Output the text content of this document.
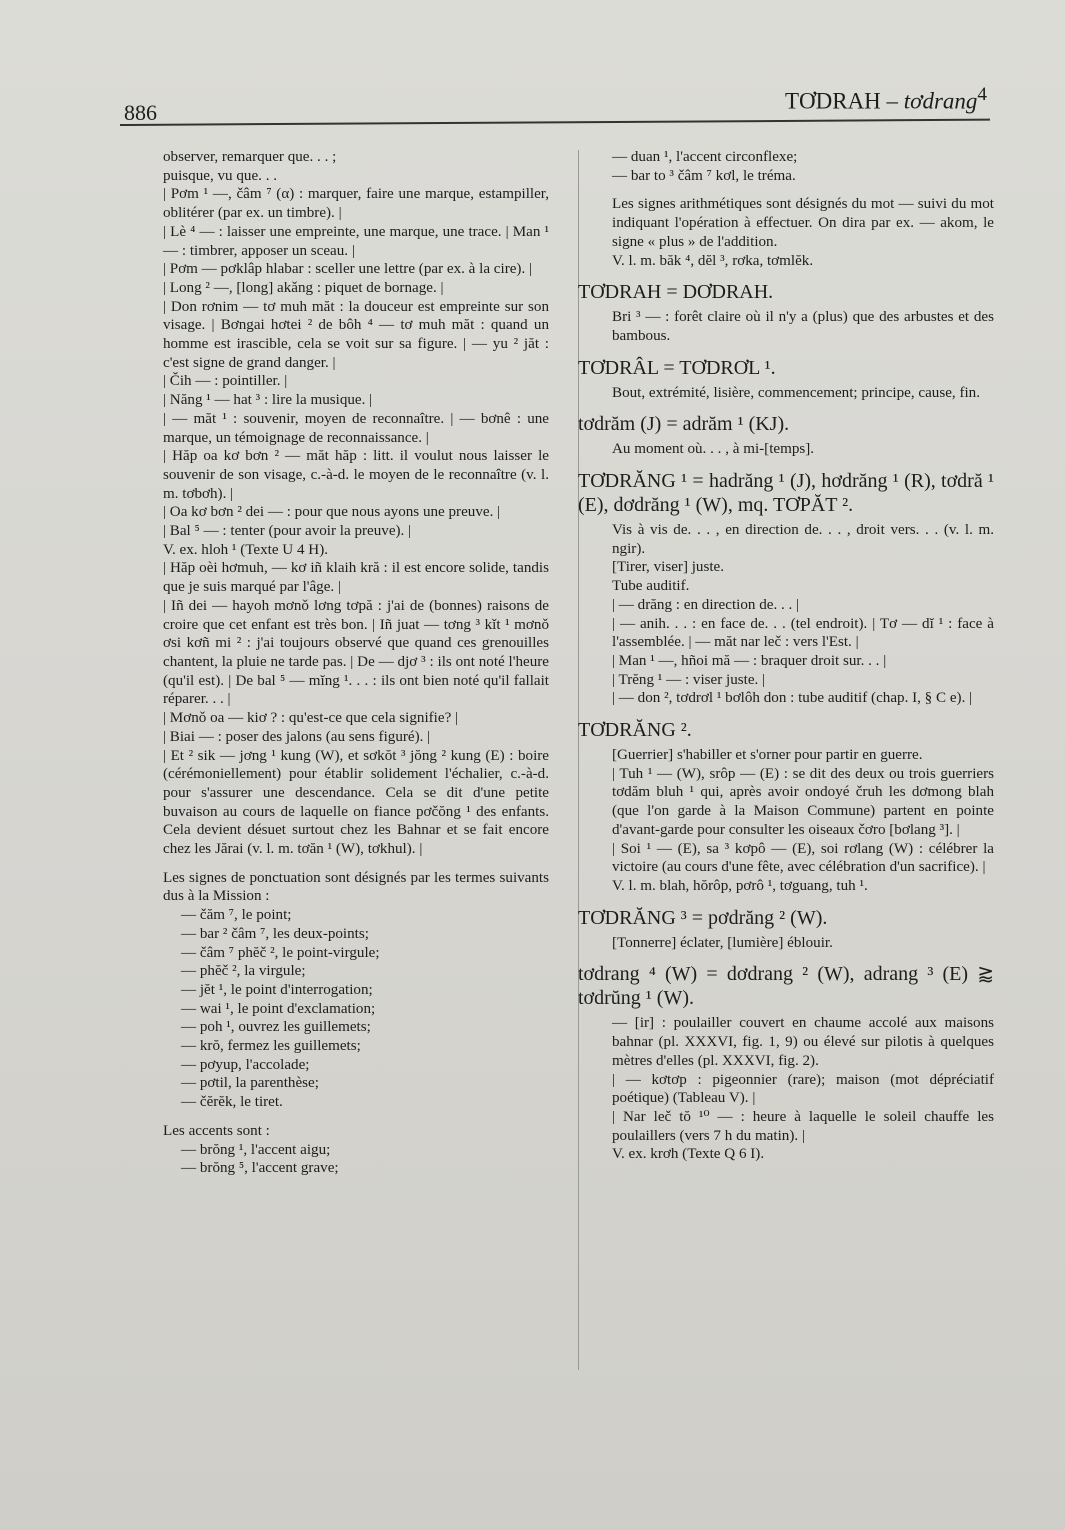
886	TƠDRAH – tơdrang$^4$

observer, remarquer que. . . ;

puisque, vu que. . .

| Pơm ¹ —, čâm ⁷ (α) : marquer, faire une marque, estampiller, oblitérer (par ex. un timbre). |

| Lè ⁴ — : laisser une empreinte, une marque, une trace. | Man ¹ — : timbrer, apposer un sceau. |

| Pơm — pơklâp hlabar : sceller une lettre (par ex. à la cire). |

| Long ² —, [long] akǎng : piquet de bornage. |

| Don rơnim — tơ muh măt : la douceur est empreinte sur son visage. | Bơngai hơtei ² de bôh ⁴ — tơ muh măt : quand un homme est irascible, cela se voit sur sa figure. | — yu ² jăt : c'est signe de grand danger. |

| Čih — : pointiller. |

| Năng ¹ — hat ³ : lire la musique. |

| — măt ¹ : souvenir, moyen de reconnaître. | — bơnê : une marque, un témoignage de reconnaissance. |

| Hăp oa kơ bơn ² — măt hăp : litt. il voulut nous laisser le souvenir de son visage, c.-à-d. le moyen de le reconnaître (v. l. m. tơbơh). |

| Oa kơ bơn ² dei — : pour que nous ayons une preuve. |

| Bal ⁵ — : tenter (pour avoir la preuve). |

V. ex. hloh ¹ (Texte U 4 H).

| Hăp oèi hơmuh, — kơ iñ klaih kră : il est encore solide, tandis que je suis marqué par l'âge. |

| Iñ dei — hayoh mơnǒ lơng tơpă : j'ai de (bonnes) raisons de croire que cet enfant est très bon. | Iñ juat — tơng ³ kǐt ¹ mơnǒ ơsi kơñ mi ² : j'ai toujours observé que quand ces grenouilles chantent, la pluie ne tarde pas. | De — djơ ³ : ils ont noté l'heure (qu'il est). | De bal ⁵ — mĭng ¹. . . : ils ont bien noté qu'il fallait réparer. . . |

| Mơnǒ oa — kiơ ? : qu'est-ce que cela signifie? |

| Biai — : poser des jalons (au sens figuré). |

| Et ² sik — jơng ¹ kung (W), et sơkŏt ³ jŏng ² kung (E) : boire (cérémoniellement) pour établir solidement l'échalier, c.-à-d. pour s'assurer une descendance. Cela se dit d'une petite buvaison au cours de laquelle on fiance pơčŏng ¹ des enfants. Cela devient désuet surtout chez les Bahnar et se fait encore chez les Jărai (v. l. m. tơăn ¹ (W), tơkhul). |

Les signes de ponctuation sont désignés par les termes suivants dus à la Mission :

— čăm ⁷, le point;

— bar ² čâm ⁷, les deux-points;

— čâm ⁷ phĕč ², le point-virgule;

— phĕč ², la virgule;

— jĕt ¹, le point d'interrogation;

— wai ¹, le point d'exclamation;

— poh ¹, ouvrez les guillemets;

— krŏ, fermez les guillemets;

— pơyup, l'accolade;

— pơtil, la parenthèse;

— čĕrĕk, le tiret.

Les accents sont :

— brŏng ¹, l'accent aigu;

— brŏng ⁵, l'accent grave;

— duan ¹, l'accent circonflexe;

— bar to ³ čâm ⁷ kơl, le tréma.

Les signes arithmétiques sont désignés du mot — suivi du mot indiquant l'opération à effectuer. On dira par ex. — akom, le signe « plus » de l'addition.

V. l. m. băk ⁴, dĕl ³, rơka, tơmlĕk.

TƠDRAH = DƠDRAH.

Bri ³ — : forêt claire où il n'y a (plus) que des arbustes et des bambous.

TƠDRÂL = TƠDRƠL ¹.

Bout, extrémité, lisière, commencement; principe, cause, fin.

tơdrăm (J) = adrăm ¹ (KJ).

Au moment où. . . , à mi-[temps].

TƠDRĂNG ¹ = hadrăng ¹ (J), hơdrăng ¹ (R), tơdră ¹ (E), dơdrăng ¹ (W), mq. TƠPĂT ².

Vis à vis de. . . , en direction de. . . , droit vers. . . (v. l. m. ngir).

[Tirer, viser] juste.

Tube auditif.

| — drăng : en direction de. . . |

| — anih. . . : en face de. . . (tel endroit). | Tơ — dĭ ¹ : face à l'assemblée. | — măt nar leč : vers l'Est. |

| Man ¹ —, hñoi mă — : braquer droit sur. . . |

| Trĕng ¹ — : viser juste. |

| — don ², tơdrơl ¹ bơlôh don : tube auditif (chap. I, § C e). |

TƠDRĂNG ².

[Guerrier] s'habiller et s'orner pour partir en guerre.

| Tuh ¹ — (W), srôp — (E) : se dit des deux ou trois guerriers tơdăm bluh ¹ qui, après avoir ondoyé čruh les dơmong blah (que l'on garde à la Maison Commune) partent en pointe d'avant-garde pour consulter les oiseaux čơro [bơlang ³]. |

| Soi ¹ — (E), sa ³ kơpô — (E), soi rơlang (W) : célébrer la victoire (au cours d'une fête, avec célébration d'un sacrifice). |

V. l. m. blah, hŏrôp, pơrô ¹, tơguang, tuh ¹.

TƠDRĂNG ³ = pơdrăng ² (W).

[Tonnerre] éclater, [lumière] éblouir.

tơdrang ⁴ (W) = dơdrang ² (W), adrang ³ (E) ⪆ tơdrŭng ¹ (W).

— [ir] : poulailler couvert en chaume accolé aux maisons bahnar (pl. XXXVI, fig. 1, 9) ou élevé sur pilotis à quelques mètres d'elles (pl. XXXVI, fig. 2).

| — kơtơp : pigeonnier (rare); maison (mot dépréciatif poétique) (Tableau V). |

| Nar leč tŏ ¹⁰ — : heure à laquelle le soleil chauffe les poulaillers (vers 7 h du matin). |

V. ex. krơh (Texte Q 6 I).
